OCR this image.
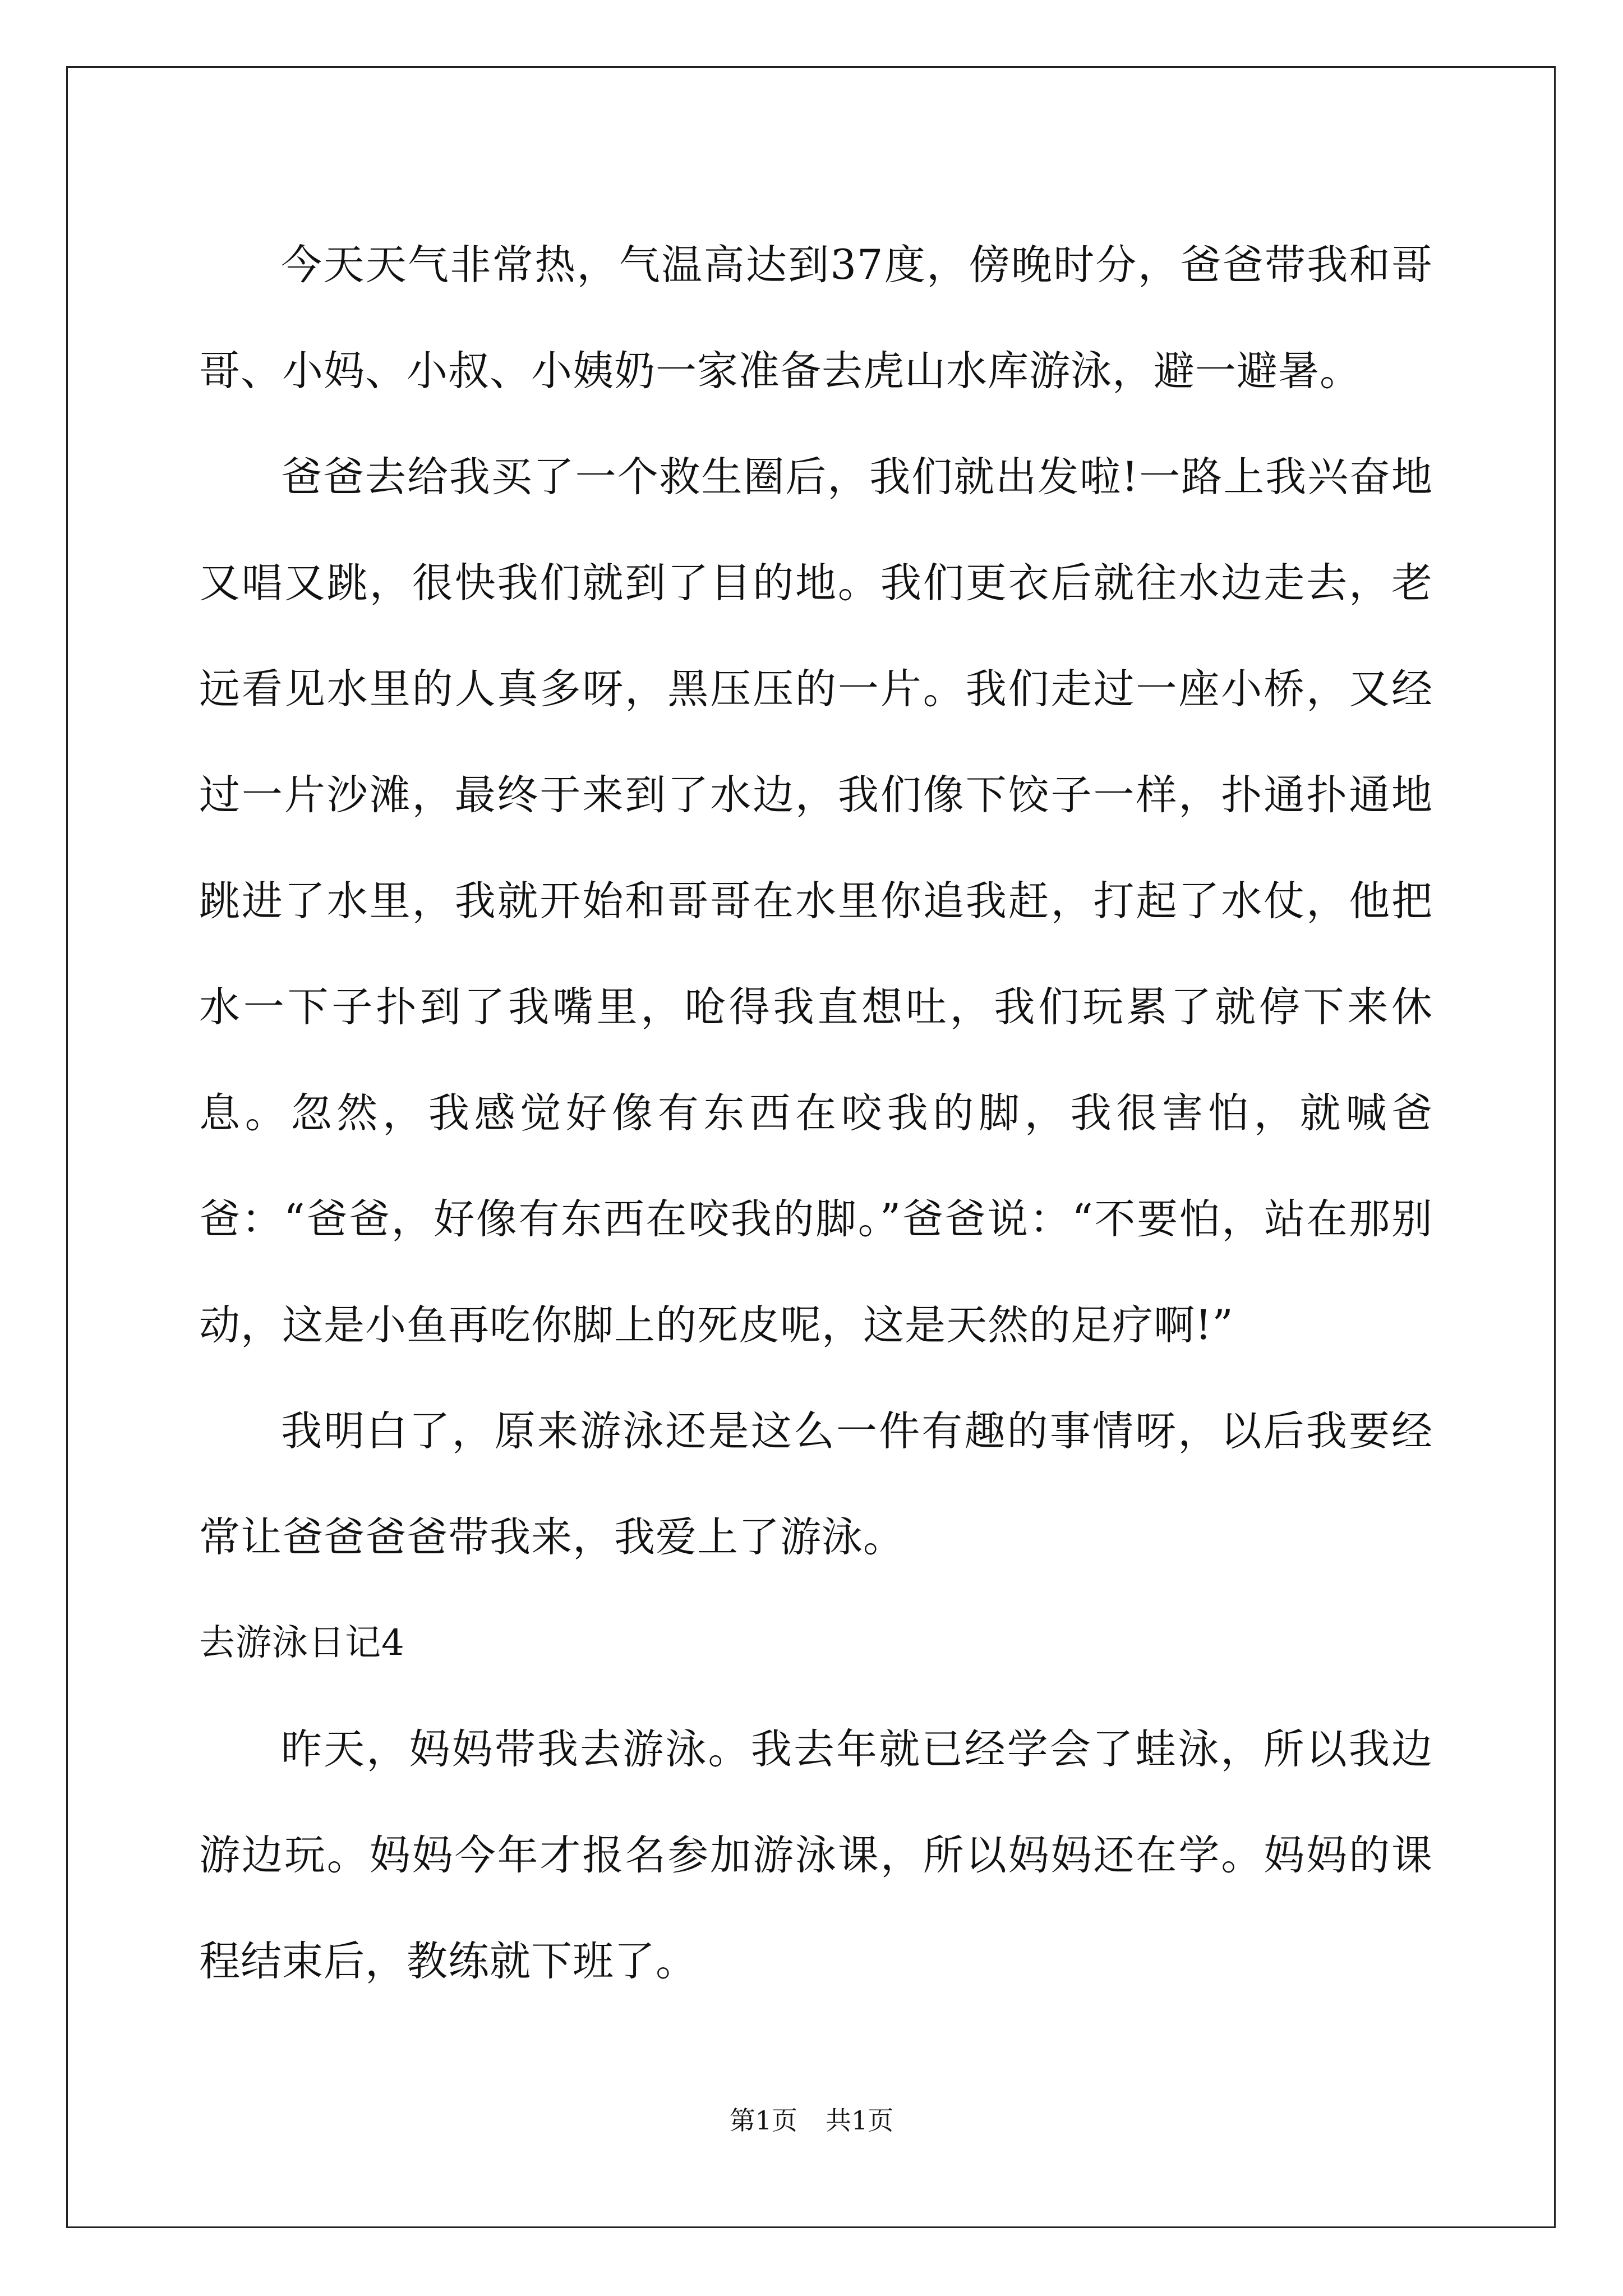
今天天气非常热，气温高达到37度，傍晚时分，爸爸带我和哥哥、小妈、小叔、小姨奶一家准备去虎山水库游泳，避一避暑。

爸爸去给我买了一个救生圈后，我们就出发啦!一路上我兴奋地又唱又跳，很快我们就到了目的地。我们更衣后就往水边走去，老远看见水里的人真多呀，黑压压的一片。我们走过一座小桥，又经过一片沙滩，最终于来到了水边，我们像下饺子一样，扑通扑通地跳进了水里，我就开始和哥哥在水里你追我赶，打起了水仗，他把水一下子扑到了我嘴里，呛得我直想吐，我们玩累了就停下来休息。忽然，我感觉好像有东西在咬我的脚，我很害怕，就喊爸爸：“爸爸，好像有东西在咬我的脚。”爸爸说：“不要怕，站在那别动，这是小鱼再吃你脚上的死皮呢，这是天然的足疗啊!”

我明白了，原来游泳还是这么一件有趣的事情呀，以后我要经常让爸爸爸爸带我来，我爱上了游泳。

去游泳日记4

昨天，妈妈带我去游泳。我去年就已经学会了蛙泳，所以我边游边玩。妈妈今年才报名参加游泳课，所以妈妈还在学。妈妈的课程结束后，教练就下班了。

第1页 共1页
